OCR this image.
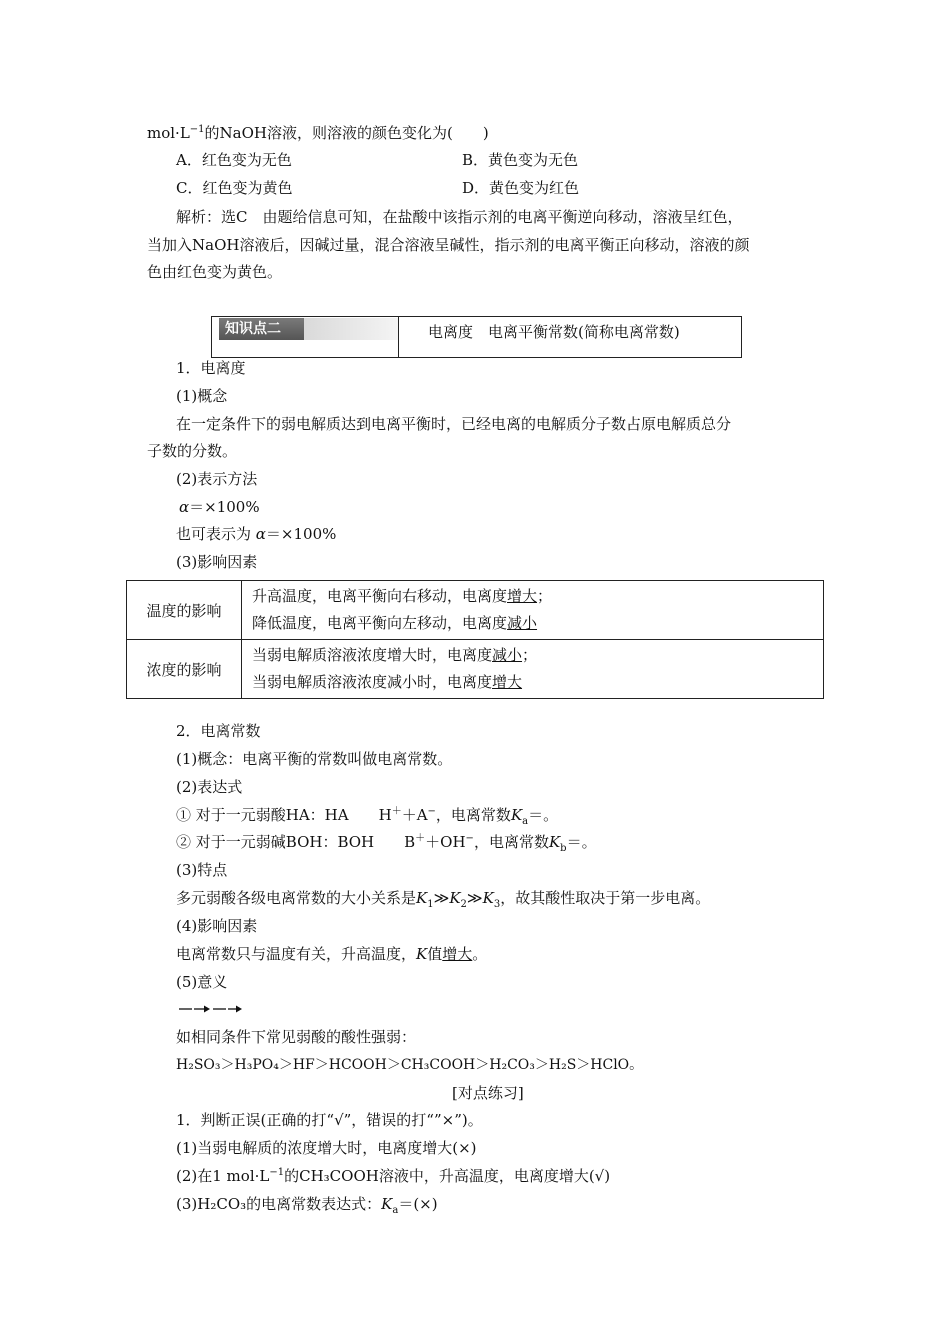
$mol\cdot L^{-1}$的NaOH溶液，则溶液的颜色变化为(　　)
A．红色变为无色	B．黄色变为无色
C．红色变为黄色	D．黄色变为红色
解析：选C　由题给信息可知，在盐酸中该指示剂的电离平衡逆向移动，溶液呈红色，
当加入NaOH溶液后，因碱过量，混合溶液呈碱性，指示剂的电离平衡正向移动，溶液的颜
色由红色变为黄色。
知识点二	电离度　电离平衡常数(简称电离常数)
1．电离度
(1)概念
在一定条件下的弱电解质达到电离平衡时，已经电离的电解质分子数占原电解质总分
子数的分数。
(2)表示方法
α＝×100%
也可表示为 α＝×100%
(3)影响因素
温度的影响	升高温度，电离平衡向右移动，电离度增大；
降低温度，电离平衡向左移动，电离度减小

浓度的影响	当弱电解质溶液浓度增大时，电离度减小；
当弱电解质溶液浓度减小时，电离度增大
2．电离常数
(1)概念：电离平衡的常数叫做电离常数。
(2)表达式
① 对于一元弱酸HA：HA　　H＋＋A−，电离常数$K_a=$。
② 对于一元弱碱BOH：BOH　　B＋＋OH−，电离常数$K_b=$。
(3)特点
多元弱酸各级电离常数的大小关系是$K_1≫K_2≫K_3$，故其酸性取决于第一步电离。
(4)影响因素
电离常数只与温度有关，升高温度，K值增大。
(5)意义
如相同条件下常见弱酸的酸性强弱：
H₂SO₃＞H₃PO₄＞HF＞HCOOH＞CH₃COOH＞H₂CO₃＞H₂S＞HClO。
[对点练习]
1．判断正误(正确的打“√”，错误的打“”×”)。
(1)当弱电解质的浓度增大时，电离度增大(×)
(2)在1 $mol\cdot L^{-1}$的CH₃COOH溶液中，升高温度，电离度增大(√)
(3)H₂CO₃的电离常数表达式：$K_a=(\times)$
